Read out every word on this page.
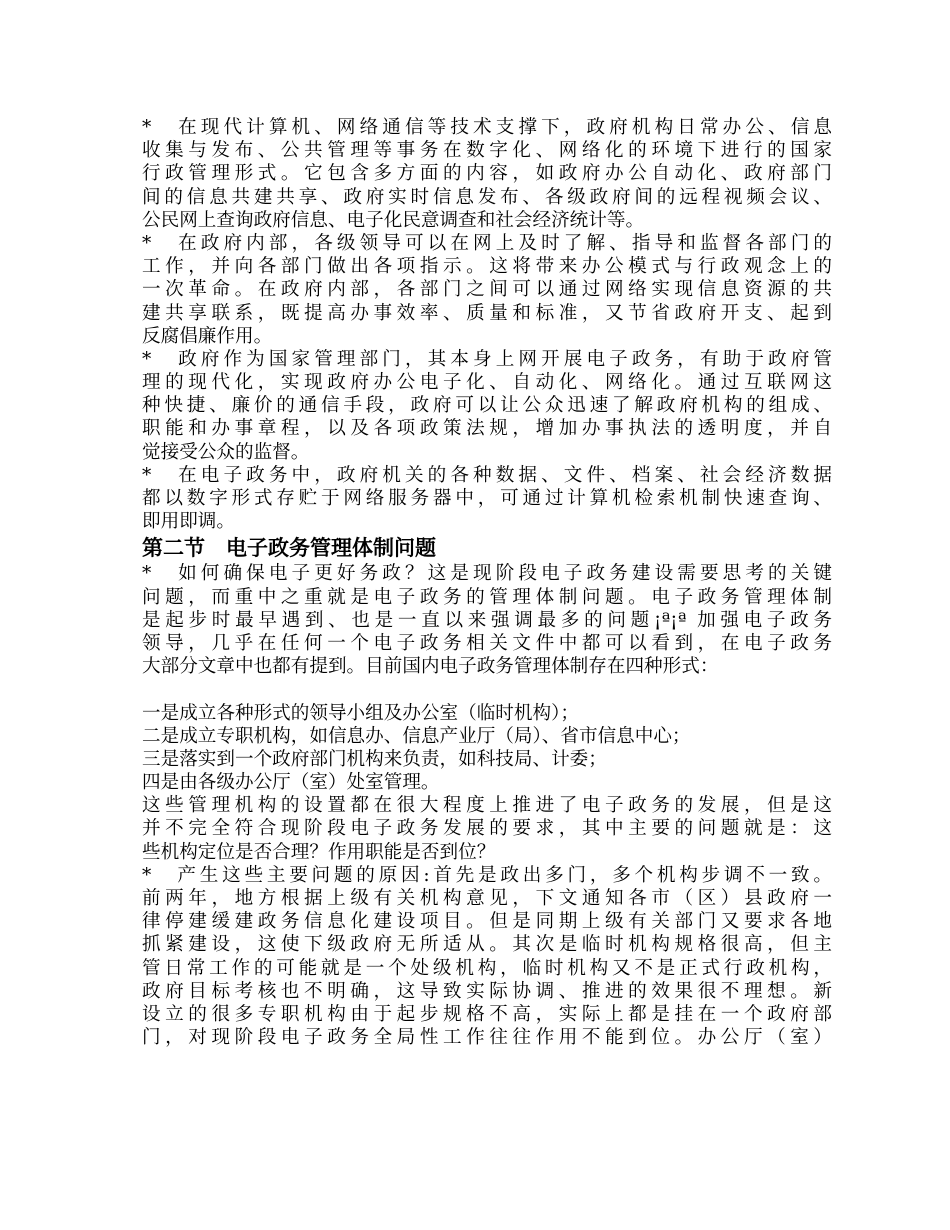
*　在现代计算机、网络通信等技术支撑下，政府机构日常办公、信息
收集与发布、公共管理等事务在数字化、网络化的环境下进行的国家
行政管理形式。它包含多方面的内容，如政府办公自动化、政府部门
间的信息共建共享、政府实时信息发布、各级政府间的远程视频会议、
公民网上查询政府信息、电子化民意调查和社会经济统计等。
*　在政府内部，各级领导可以在网上及时了解、指导和监督各部门的
工作，并向各部门做出各项指示。这将带来办公模式与行政观念上的
一次革命。在政府内部，各部门之间可以通过网络实现信息资源的共
建共享联系，既提高办事效率、质量和标准，又节省政府开支、起到
反腐倡廉作用。
*　政府作为国家管理部门，其本身上网开展电子政务，有助于政府管
理的现代化，实现政府办公电子化、自动化、网络化。通过互联网这
种快捷、廉价的通信手段，政府可以让公众迅速了解政府机构的组成、
职能和办事章程，以及各项政策法规，增加办事执法的透明度，并自
觉接受公众的监督。
*　在电子政务中，政府机关的各种数据、文件、档案、社会经济数据
都以数字形式存贮于网络服务器中，可通过计算机检索机制快速查询、
即用即调。
第二节　电子政务管理体制问题
*　如何确保电子更好务政？这是现阶段电子政务建设需要思考的关键
问题，而重中之重就是电子政务的管理体制问题。电子政务管理体制
是起步时最早遇到、也是一直以来强调最多的问题¡ª¡ª 加强电子政务
领导，几乎在任何一个电子政务相关文件中都可以看到，在电子政务
大部分文章中也都有提到。目前国内电子政务管理体制存在四种形式：
一是成立各种形式的领导小组及办公室（临时机构）；
二是成立专职机构，如信息办、信息产业厅（局）、省市信息中心；
三是落实到一个政府部门机构来负责，如科技局、计委；
四是由各级办公厅（室）处室管理。
这些管理机构的设置都在很大程度上推进了电子政务的发展，但是这
并不完全符合现阶段电子政务发展的要求，其中主要的问题就是：这
些机构定位是否合理？作用职能是否到位？
*　产生这些主要问题的原因:首先是政出多门，多个机构步调不一致。
前两年，地方根据上级有关机构意见，下文通知各市（区）县政府一
律停建缓建政务信息化建设项目。但是同期上级有关部门又要求各地
抓紧建设，这使下级政府无所适从。其次是临时机构规格很高，但主
管日常工作的可能就是一个处级机构，临时机构又不是正式行政机构，
政府目标考核也不明确，这导致实际协调、推进的效果很不理想。新
设立的很多专职机构由于起步规格不高，实际上都是挂在一个政府部
门，对现阶段电子政务全局性工作往往作用不能到位。办公厅（室）
